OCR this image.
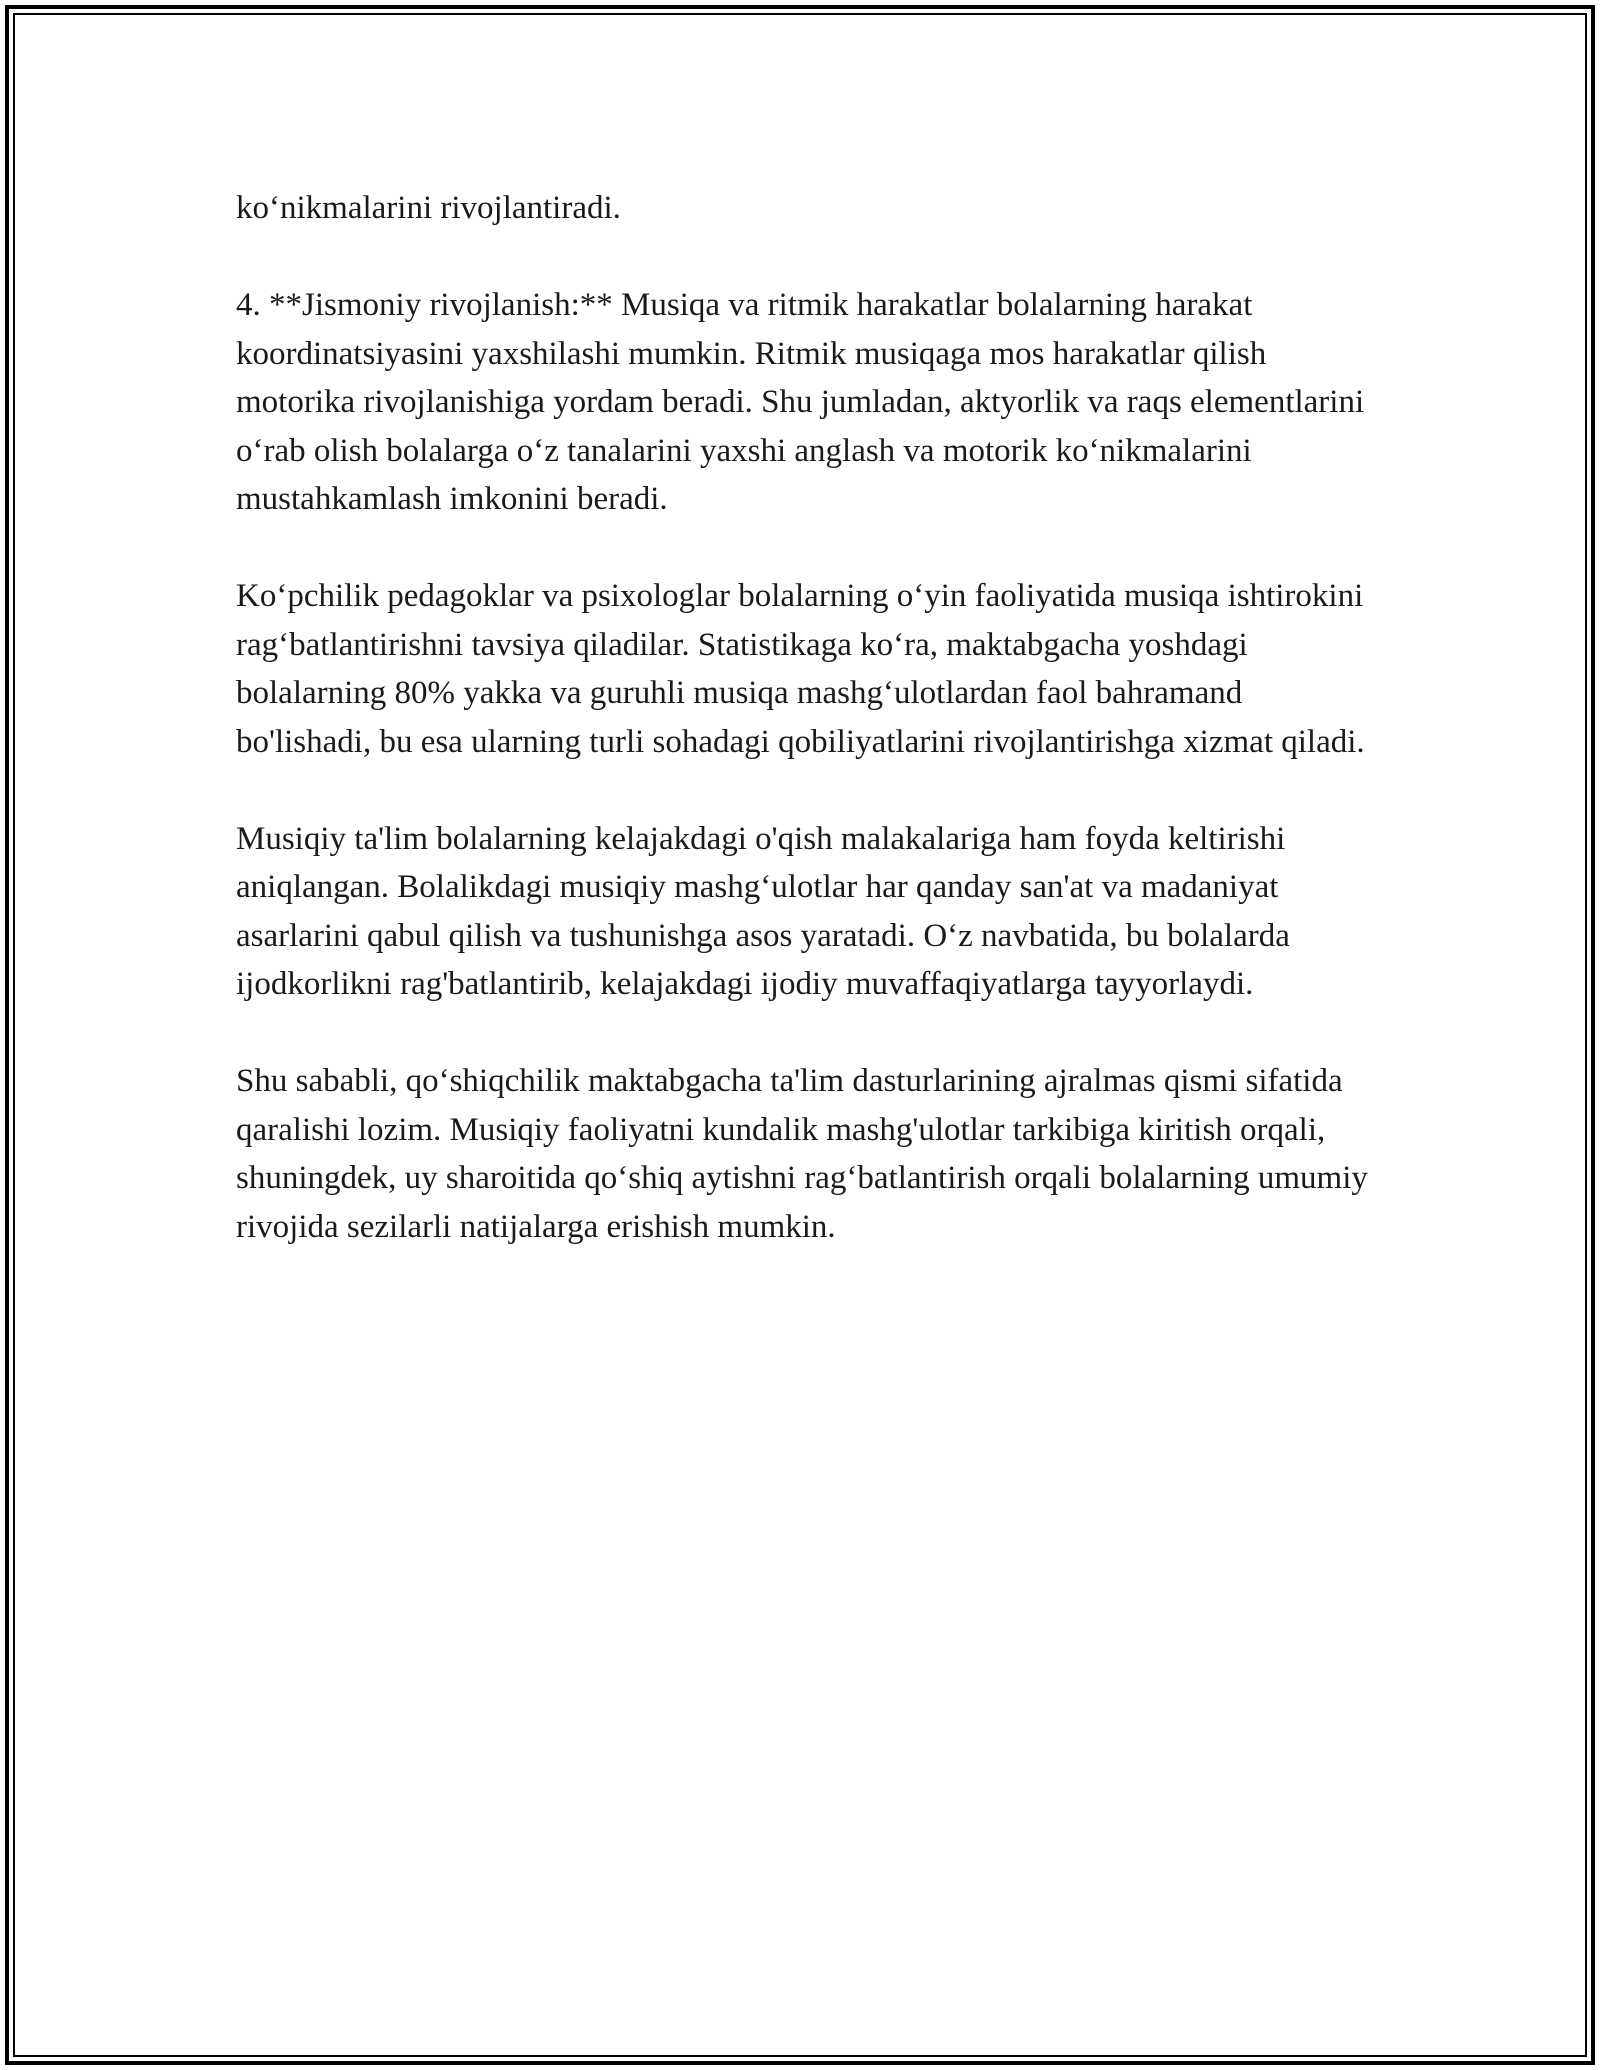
ko‘nikmalarini rivojlantiradi.

4. **Jismoniy rivojlanish:** Musiqa va ritmik harakatlar bolalarning harakat koordinatsiyasini yaxshilashi mumkin. Ritmik musiqaga mos harakatlar qilish motorika rivojlanishiga yordam beradi. Shu jumladan, aktyorlik va raqs elementlarini o‘rab olish bolalarga o‘z tanalarini yaxshi anglash va motorik ko‘nikmalarini mustahkamlash imkonini beradi.

Ko‘pchilik pedagoklar va psixologlar bolalarning o‘yin faoliyatida musiqa ishtirokini rag‘batlantirishni tavsiya qiladilar. Statistikaga ko‘ra, maktabgacha yoshdagi bolalarning 80% yakka va guruhli musiqa mashg‘ulotlardan faol bahramand bo'lishadi, bu esa ularning turli sohadagi qobiliyatlarini rivojlantirishga xizmat qiladi.

Musiqiy ta'lim bolalarning kelajakdagi o'qish malakalariga ham foyda keltirishi aniqlangan. Bolalikdagi musiqiy mashg‘ulotlar har qanday san'at va madaniyat asarlarini qabul qilish va tushunishga asos yaratadi. O‘z navbatida, bu bolalarda ijodkorlikni rag'batlantirib, kelajakdagi ijodiy muvaffaqiyatlarga tayyorlaydi.

Shu sababli, qo‘shiqchilik maktabgacha ta'lim dasturlarining ajralmas qismi sifatida qaralishi lozim. Musiqiy faoliyatni kundalik mashg'ulotlar tarkibiga kiritish orqali, shuningdek, uy sharoitida qo‘shiq aytishni rag‘batlantirish orqali bolalarning umumiy rivojida sezilarli natijalarga erishish mumkin.
